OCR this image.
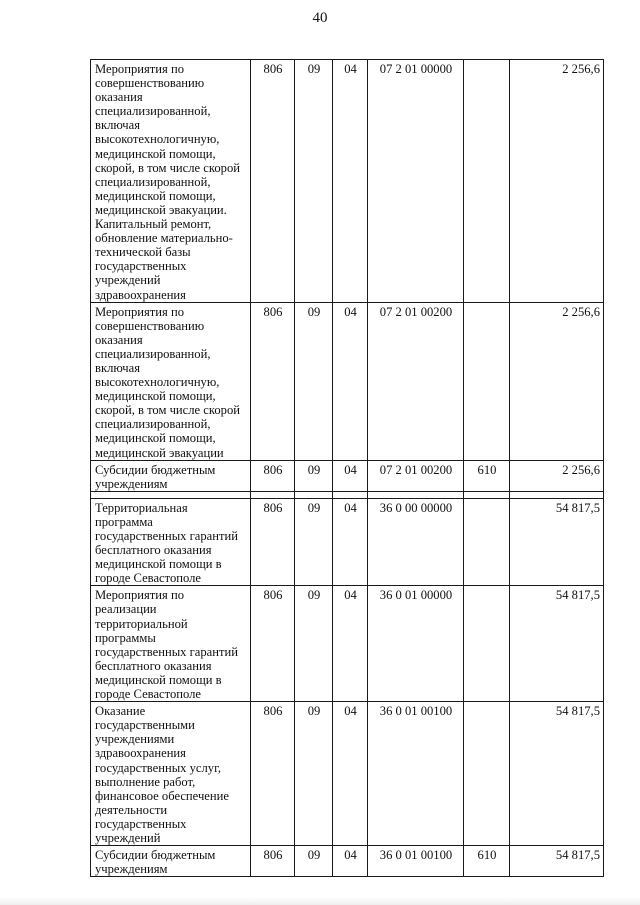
40
Мероприятия по совершенствованию оказания специализированной, включая высокотехнологичную, медицинской помощи, скорой, в том числе скорой специализированной, медицинской помощи, медицинской эвакуации. Капитальный ремонт, обновление материально-технической базы государственных учреждений здравоохранения	806	09	04	07 2 01 00000		2 256,6
Мероприятия по совершенствованию оказания специализированной, включая высокотехнологичную, медицинской помощи, скорой, в том числе скорой специализированной, медицинской помощи, медицинской эвакуации	806	09	04	07 2 01 00200		2 256,6
Субсидии бюджетным учреждениям	806	09	04	07 2 01 00200	610	2 256,6

Территориальная программа государственных гарантий бесплатного оказания медицинской помощи в городе Севастополе	806	09	04	36 0 00 00000		54 817,5
Мероприятия по реализации территориальной программы государственных гарантий бесплатного оказания медицинской помощи в городе Севастополе	806	09	04	36 0 01 00000		54 817,5
Оказание государственными учреждениями здравоохранения государственных услуг, выполнение работ, финансовое обеспечение деятельности государственных учреждений	806	09	04	36 0 01 00100		54 817,5
Субсидии бюджетным учреждениям	806	09	04	36 0 01 00100	610	54 817,5
